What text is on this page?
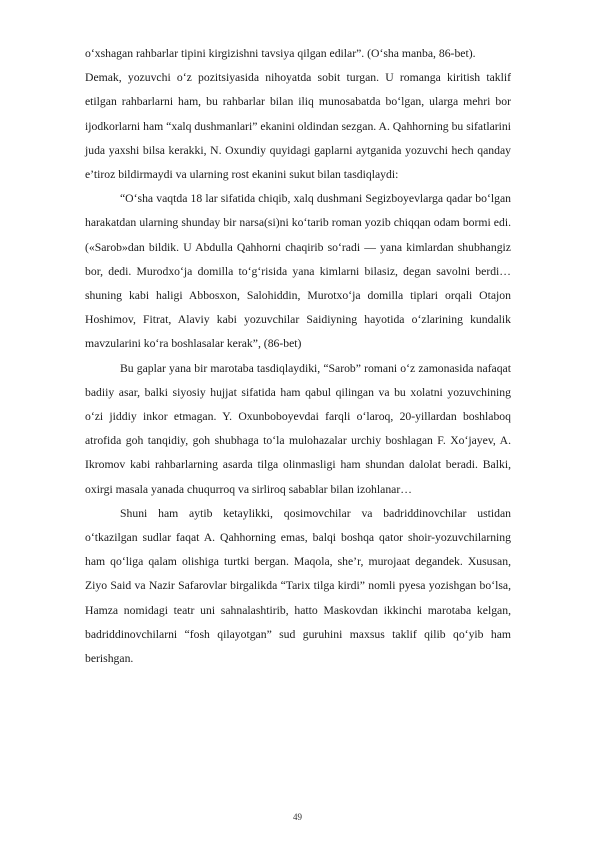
o‘xshagan rahbarlar tipini kirgizishni tavsiya qilgan edilar”. (O‘sha manba, 86-bet).

Demak, yozuvchi o‘z pozitsiyasida nihoyatda sobit turgan. U romanga kiritish taklif etilgan rahbarlarni ham, bu rahbarlar bilan iliq munosabatda bo‘lgan, ularga mehri bor ijodkorlarni ham “xalq dushmanlari” ekanini oldindan sezgan. A. Qahhorning bu sifatlarini juda yaxshi bilsa kerakki, N. Oxundiy quyidagi gaplarni aytganida yozuvchi hech qanday e’tiroz bildirmaydi va ularning rost ekanini sukut bilan tasdiqlaydi:

“O‘sha vaqtda 18 lar sifatida chiqib, xalq dushmani Segizboyevlarga qadar bo‘lgan harakatdan ularning shunday bir narsa(si)ni ko‘tarib roman yozib chiqqan odam bormi edi. («Sarob»dan bildik. U Abdulla Qahhorni chaqirib so‘radi — yana kimlardan shubhangiz bor, dedi. Murodxo‘ja domilla to‘g‘risida yana kimlarni bilasiz, degan savolni berdi… shuning kabi haligi Abbosxon, Salohiddin, Murotxo‘ja domilla tiplari orqali Otajon Hoshimov, Fitrat, Alaviy kabi yozuvchilar Saidiyning hayotida o‘zlarining kundalik mavzularini ko‘ra boshlasalar kerak”, (86-bet)

Bu gaplar yana bir marotaba tasdiqlaydiki, “Sarob” romani o‘z zamonasida nafaqat badiiy asar, balki siyosiy hujjat sifatida ham qabul qilingan va bu xolatni yozuvchining o‘zi jiddiy inkor etmagan. Y. Oxunboboyevdai farqli o‘laroq, 20-yillardan boshlaboq atrofida goh tanqidiy, goh shubhaga to‘la mulohazalar urchiy boshlagan F. Xo‘jayev, A. Ikromov kabi rahbarlarning asarda tilga olinmasligi ham shundan dalolat beradi. Balki, oxirgi masala yanada chuqurroq va sirliroq sabablar bilan izohlanar…

Shuni ham aytib ketaylikki, qosimovchilar va badriddinovchilar ustidan o‘tkazilgan sudlar faqat A. Qahhorning emas, balqi boshqa qator shoir-yozuvchilarning ham qo‘liga qalam olishiga turtki bergan. Maqola, she’r, murojaat degandek. Xususan, Ziyo Said va Nazir Safarovlar birgalikda “Tarix tilga kirdi” nomli pyesa yozishgan bo‘lsa, Hamza nomidagi teatr uni sahnalashtirib, hatto Maskovdan ikkinchi marotaba kelgan, badriddinovchilarni “fosh qilayotgan” sud guruhini maxsus taklif qilib qo‘yib ham berishgan.

49
